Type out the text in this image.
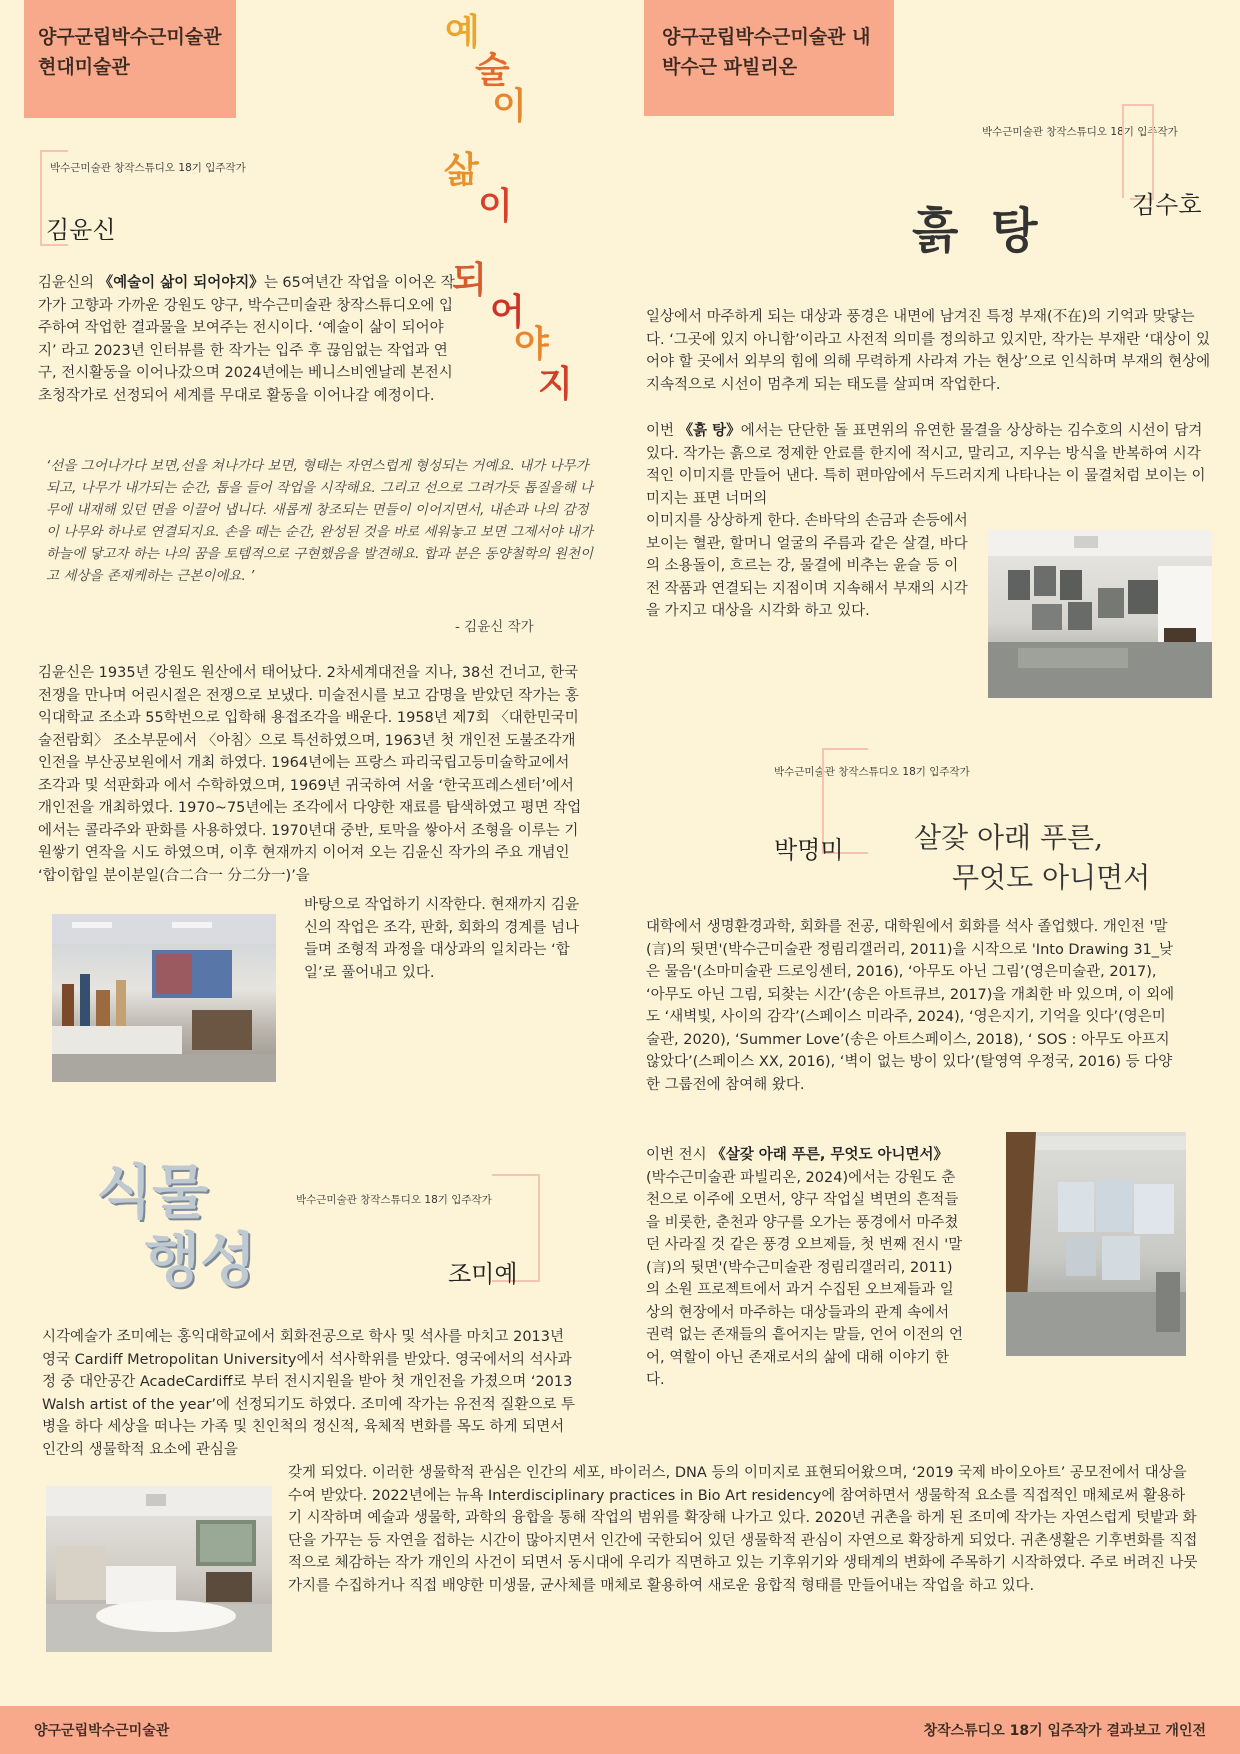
양구군립박수근미술관
현대미술관
양구군립박수근미술관 내
박수근 파빌리온
예
술
이
삶
이
되
어
야
지
박수근미술관 창작스튜디오 18기 입주작가
김윤신

김윤신의 《예술이 삶이 되어야지》는 65여년간 작업을 이어온 작가가 고향과 가까운 강원도 양구, 박수근미술관 창작스튜디오에 입주하여 작업한 결과물을 보여주는 전시이다. ‘예술이 삶이 되어야지’ 라고 2023년 인터뷰를 한 작가는 입주 후 끊임없는 작업과 연구, 전시활동을 이어나갔으며 2024년에는 베니스비엔날레 본전시 초청작가로 선정되어 세계를 무대로 활동을 이어나갈 예정이다.

‘선을 그어나가다 보면,선을 쳐나가다 보면, 형태는 자연스럽게 형성되는 거예요. 내가 나무가 되고, 나무가 내가되는 순간, 톱을 들어 작업을 시작해요. 그리고 선으로 그려가듯 톱질을해 나무에 내재해 있던 면을 이끌어 냅니다. 새롭게 창조되는 면들이 이어지면서, 내손과 나의 감정이 나무와 하나로 연결되지요. 손을 떼는 순간, 완성된 것을 바로 세워놓고 보면 그제서야 내가 하늘에 닿고자 하는 나의 꿈을 토템적으로 구현했음을 발견해요. 합과 분은 동양철학의 원천이고 세상을 존재케하는 근본이에요. ’
- 김윤신 작가
김윤신은 1935년 강원도 원산에서 태어났다. 2차세계대전을 지나, 38선 건너고, 한국전쟁을 만나며 어린시절은 전쟁으로 보냈다. 미술전시를 보고 감명을 받았던 작가는 홍익대학교 조소과 55학번으로 입학해 용접조각을 배운다. 1958년 제7회 〈대한민국미술전람회〉 조소부문에서 〈아침〉으로 특선하였으며, 1963년 첫 개인전 도불조각개인전을 부산공보원에서 개최 하였다. 1964년에는 프랑스 파리국립고등미술학교에서 조각과 및 석판화과 에서 수학하였으며, 1969년 귀국하여 서울 ‘한국프레스센터’에서 개인전을 개최하였다. 1970~75년에는 조각에서 다양한 재료를 탐색하였고 평면 작업에서는 콜라주와 판화를 사용하였다. 1970년대 중반, 토막을 쌓아서 조형을 이루는 기원쌓기 연작을 시도 하였으며, 이후 현재까지 이어져 오는 김윤신 작가의 주요 개념인 ‘합이합일 분이분일(合二合一 分二分一)’을
바탕으로 작업하기 시작한다. 현재까지 김윤신의 작업은 조각, 판화, 회화의 경계를 넘나들며 조형적 과정을 대상과의 일치라는 ‘합일’로 풀어내고 있다.
박수근미술관 창작스튜디오 18기 입주작가
김수호
흙 탕
일상에서 마주하게 되는 대상과 풍경은 내면에 남겨진 특정 부재(不在)의 기억과 맞닿는다. ‘그곳에 있지 아니함’이라고 사전적 의미를 정의하고 있지만, 작가는 부재란 ‘대상이 있어야 할 곳에서 외부의 힘에 의해 무력하게 사라져 가는 현상’으로 인식하며 부재의 현상에 지속적으로 시선이 멈추게 되는 태도를 살피며 작업한다.

이번 《흙 탕》에서는 단단한 돌 표면위의 유연한 물결을 상상하는 김수호의 시선이 담겨있다. 작가는 흙으로 정제한 안료를 한지에 적시고, 말리고, 지우는 방식을 반복하여 시각적인 이미지를 만들어 낸다. 특히 편마암에서 두드러지게 나타나는 이 물결처럼 보이는 이미지는 표면 너머의

이미지를 상상하게 한다. 손바닥의 손금과 손등에서 보이는 혈관, 할머니 얼굴의 주름과 같은 살결, 바다의 소용돌이, 흐르는 강, 물결에 비추는 윤슬 등 이전 작품과 연결되는 지점이며 지속해서 부재의 시각을 가지고 대상을 시각화 하고 있다.
박수근미술관 창작스튜디오 18기 입주작가
박명미	살갗 아래 푸른,
무엇도 아니면서
대학에서 생명환경과학, 회화를 전공, 대학원에서 회화를 석사 졸업했다. 개인전 '말(言)의 뒷면'(박수근미술관 정림리갤러리, 2011)을 시작으로 'Into Drawing 31_낮은 물음'(소마미술관 드로잉센터, 2016), ‘아무도 아닌 그림’(영은미술관, 2017), ‘아무도 아닌 그림, 되찾는 시간’(송은 아트큐브, 2017)을 개최한 바 있으며, 이 외에도 ‘새벽빛, 사이의 감각’(스페이스 미라주, 2024), ‘영은지기, 기억을 잇다’(영은미술관, 2020), ‘Summer Love’(송은 아트스페이스, 2018), ‘ SOS : 아무도 아프지 않았다’(스페이스 XX, 2016), ‘벽이 없는 방이 있다’(탈영역 우정국, 2016) 등 다양한 그룹전에 참여해 왔다.

이번 전시 《살갗 아래 푸른, 무엇도 아니면서》(박수근미술관 파빌리온, 2024)에서는 강원도 춘천으로 이주에 오면서, 양구 작업실 벽면의 흔적들을 비롯한, 춘천과 양구를 오가는 풍경에서 마주쳤던 사라질 것 같은 풍경 오브제들, 첫 번째 전시 '말(言)의 뒷면'(박수근미술관 정림리갤러리, 2011)의 소원 프로젝트에서 과거 수집된 오브제들과 일상의 현장에서 마주하는 대상들과의 관계 속에서 권력 없는 존재들의 흩어지는 말들, 언어 이전의 언어, 역할이 아닌 존재로서의 삶에 대해 이야기 한다.

식물
행성
박수근미술관 창작스튜디오 18기 입주작가
조미예
시각예술가 조미예는 홍익대학교에서 회화전공으로 학사 및 석사를 마치고 2013년 영국 Cardiff Metropolitan University에서 석사학위를 받았다. 영국에서의 석사과정 중 대안공간 AcadeCardiff로 부터 전시지원을 받아 첫 개인전을 가졌으며 ‘2013 Walsh artist of the year’에 선정되기도 하였다. 조미예 작가는 유전적 질환으로 투병을 하다 세상을 떠나는 가족 및 친인척의 정신적, 육체적 변화를 목도 하게 되면서 인간의 생물학적 요소에 관심을
갖게 되었다. 이러한 생물학적 관심은 인간의 세포, 바이러스, DNA 등의 이미지로 표현되어왔으며, ‘2019 국제 바이오아트’ 공모전에서 대상을 수여 받았다. 2022년에는 뉴욕 Interdisciplinary practices in Bio Art residency에 참여하면서 생물학적 요소를 직접적인 매체로써 활용하기 시작하며 예술과 생물학, 과학의 융합을 통해 작업의 범위를 확장해 나가고 있다. 2020년 귀촌을 하게 된 조미예 작가는 자연스럽게 텃밭과 화단을 가꾸는 등 자연을 접하는 시간이 많아지면서 인간에 국한되어 있던 생물학적 관심이 자연으로 확장하게 되었다. 귀촌생활은 기후변화를 직접적으로 체감하는 작가 개인의 사건이 되면서 동시대에 우리가 직면하고 있는 기후위기와 생태계의 변화에 주목하기 시작하였다. 주로 버려진 나뭇가지를 수집하거나 직접 배양한 미생물, 균사체를 매체로 활용하여 새로운 융합적 형태를 만들어내는 작업을 하고 있다.
양구군립박수근미술관	창작스튜디오 18기 입주작가 결과보고 개인전
